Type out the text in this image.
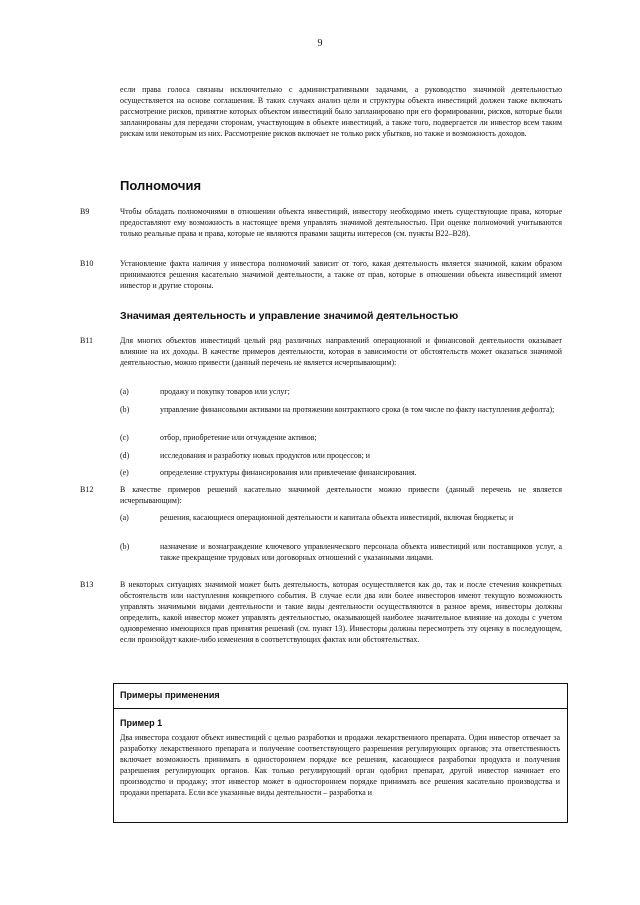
9

если права голоса связаны исключительно с административными задачами, а руководство значимой деятельностью осуществляется на основе соглашения. В таких случаях анализ цели и структуры объекта инвестиций должен также включать рассмотрение рисков, принятие которых объектом инвестиций было запланировано при его формировании, рисков, которые были запланированы для передачи сторонам, участвующим в объекте инвестиций, а также того, подвергается ли инвестор всем таким рискам или некоторым из них. Рассмотрение рисков включает не только риск убытков, но также и возможность доходов.

Полномочия
B9	Чтобы обладать полномочиями в отношении объекта инвестиций, инвестору необходимо иметь существующие права, которые предоставляют ему возможность в настоящее время управлять значимой деятельностью. При оценке полномочий учитываются только реальные права и права, которые не являются правами защиты интересов (см. пункты B22–B28).

B10	Установление факта наличия у инвестора полномочий зависит от того, какая деятельность является значимой, каким образом принимаются решения касательно значимой деятельности, а также от прав, которые в отношении объекта инвестиций имеют инвестор и другие стороны.

Значимая деятельность и управление значимой деятельностью
B11	Для многих объектов инвестиций целый ряд различных направлений операционной и финансовой деятельности оказывает влияние на их доходы. В качестве примеров деятельности, которая в зависимости от обстоятельств может оказаться значимой деятельностью, можно привести (данный перечень не является исчерпывающим):

(a)	продажу и покупку товаров или услуг;
(b)	управление финансовыми активами на протяжении контрактного срока (в том числе по факту наступления дефолта);
(c)	отбор, приобретение или отчуждение активов;
(d)	исследования и разработку новых продуктов или процессов; и
(e)	определение структуры финансирования или привлечение финансирования.
B12	В качестве примеров решений касательно значимой деятельности можно привести (данный перечень не является исчерпывающим):

(a)	решения, касающиеся операционной деятельности и капитала объекта инвестиций, включая бюджеты; и
(b)	назначение и вознаграждение ключевого управленческого персонала объекта инвестиций или поставщиков услуг, а также прекращение трудовых или договорных отношений с указанными лицами.
B13	В некоторых ситуациях значимой может быть деятельность, которая осуществляется как до, так и после стечения конкретных обстоятельств или наступления конкретного события. В случае если два или более инвесторов имеют текущую возможность управлять значимыми видами деятельности и такие виды деятельности осуществляются в разное время, инвесторы должны определить, какой инвестор может управлять деятельностью, оказывающей наиболее значительное влияние на доходы с учетом одновременно имеющихся прав принятия решений (см. пункт 13). Инвесторы должны пересмотреть эту оценку в последующем, если произойдут какие-либо изменения в соответствующих фактах или обстоятельствах.

Примеры применения
Пример 1

Два инвестора создают объект инвестиций с целью разработки и продажи лекарственного препарата. Один инвестор отвечает за разработку лекарственного препарата и получение соответствующего разрешения регулирующих органов; эта ответственность включает возможность принимать в одностороннем порядке все решения, касающиеся разработки продукта и получения разрешения регулирующих органов. Как только регулирующий орган одобрил препарат, другой инвестор начинает его производство и продажу; этот инвестор может в одностороннем порядке принимать все решения касательно производства и продажи препарата. Если все указанные виды деятельности – разработка и
